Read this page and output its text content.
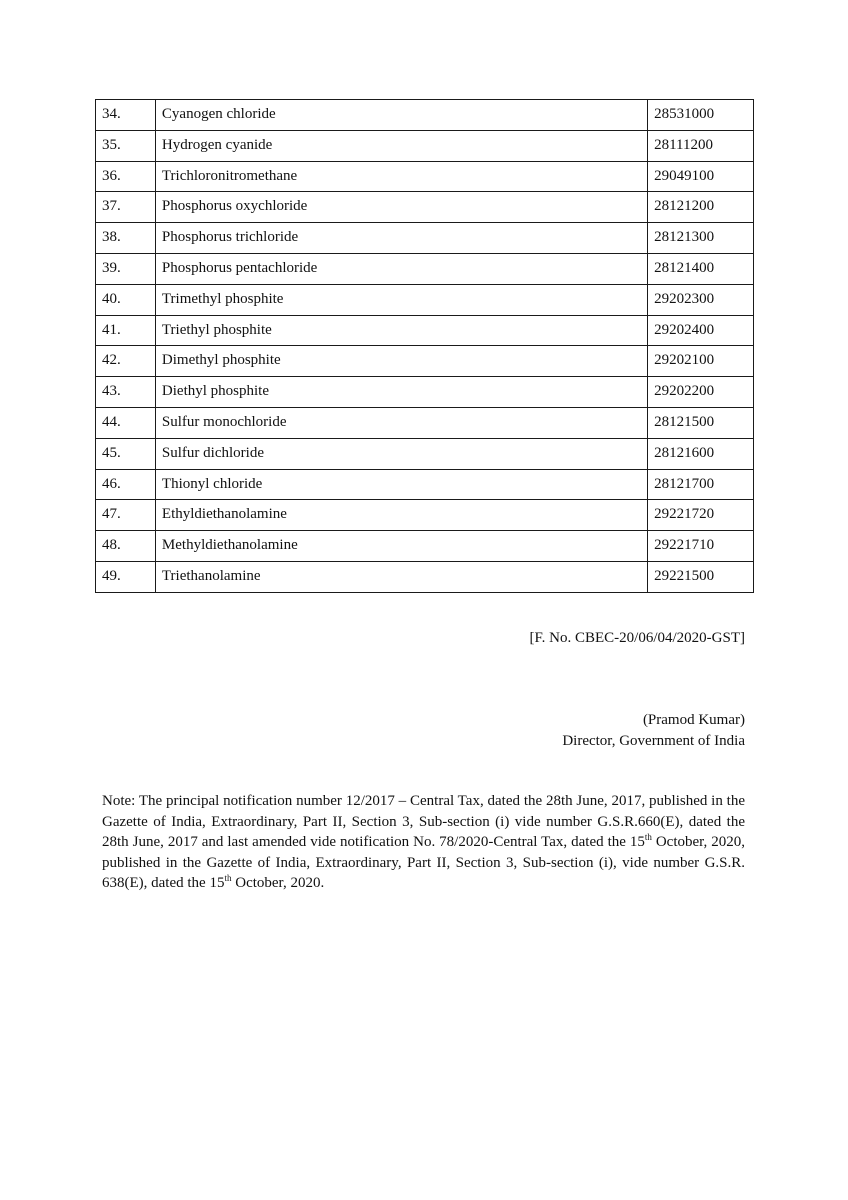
34.	Cyanogen chloride	28531000
35.	Hydrogen cyanide	28111200
36.	Trichloronitromethane	29049100
37.	Phosphorus oxychloride	28121200
38.	Phosphorus trichloride	28121300
39.	Phosphorus pentachloride	28121400
40.	Trimethyl phosphite	29202300
41.	Triethyl phosphite	29202400
42.	Dimethyl phosphite	29202100
43.	Diethyl phosphite	29202200
44.	Sulfur monochloride	28121500
45.	Sulfur dichloride	28121600
46.	Thionyl chloride	28121700
47.	Ethyldiethanolamine	29221720
48.	Methyldiethanolamine	29221710
49.	Triethanolamine	29221500
[F. No. CBEC-20/06/04/2020-GST]
(Pramod Kumar)
Director, Government of India
Note: The principal notification number 12/2017 – Central Tax, dated the 28th June, 2017, published in the Gazette of India, Extraordinary, Part II, Section 3, Sub-section (i) vide number G.S.R.660(E), dated the 28th June, 2017 and last amended vide notification No. 78/2020-Central Tax, dated the 15th October, 2020, published in the Gazette of India, Extraordinary, Part II, Section 3, Sub-section (i), vide number G.S.R. 638(E), dated the 15th October, 2020.
